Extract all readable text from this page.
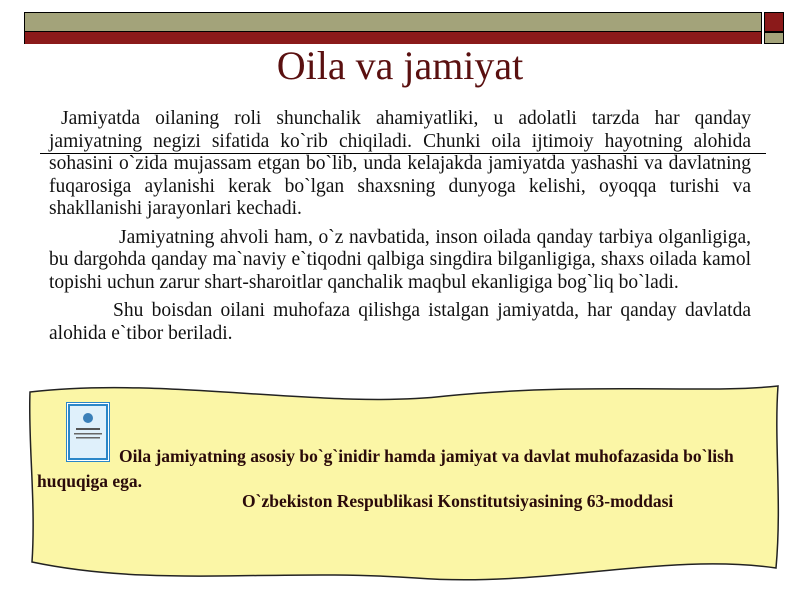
Oila va jamiyat

Jamiyatda oilaning roli shunchalik ahamiyatliki, u adolatli tarzda har qanday jamiyatning negizi sifatida ko`rib chiqiladi. Chunki oila ijtimoiy hayotning alohida sohasini o`zida mujassam etgan bo`lib, unda kelajakda jamiyatda yashashi va davlatning fuqarosiga aylanishi kerak bo`lgan shaxsning dunyoga kelishi, oyoqqa turishi va shakllanishi jarayonlari kechadi.

Jamiyatning ahvoli ham, o`z navbatida, inson oilada qanday tarbiya olganligiga, bu dargohda qanday ma`naviy e`tiqodni qalbiga singdira bilganligiga, shaxs oilada kamol topishi uchun zarur shart-sharoitlar qanchalik maqbul ekanligiga bog`liq bo`ladi.

Shu boisdan oilani muhofaza qilishga istalgan jamiyatda, har qanday davlatda alohida e`tibor beriladi.

Oila jamiyatning asosiy bo`g`inidir hamda jamiyat va davlat muhofazasida bo`lish huquqiga ega.
O`zbekiston Respublikasi Konstitutsiyasining 63-moddasi
